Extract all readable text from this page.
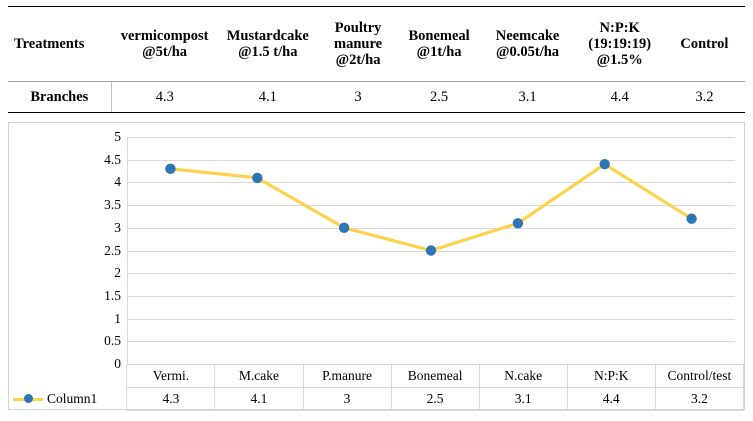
Treatments	vermicompost @5t/ha	Mustardcake @1.5 t/ha	Poultry manure @2t/ha	Bonemeal @1t/ha	Neemcake @0.05t/ha	N:P:K (19:19:19) @1.5%	Control
Branches	4.3	4.1	3	2.5	3.1	4.4	3.2
0
0.5
1
1.5
2
2.5
3
3.5
4
4.5
5
	Vermi.	M.cake	P.manure	Bonemeal	N.cake	N:P:K	Control/test

Column1	4.3	4.1	3	2.5	3.1	4.4	3.2
